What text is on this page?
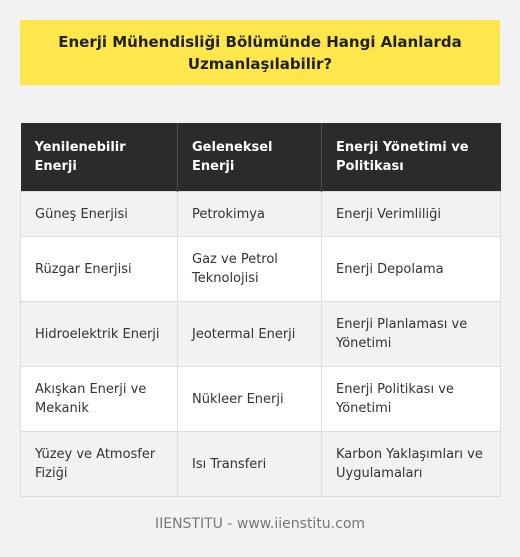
Enerji Mühendisliği Bölümünde Hangi Alanlarda Uzmanlaşılabilir?
Yenilenebilir Enerji	Geleneksel Enerji	Enerji Yönetimi ve Politikası
Güneş Enerjisi	Petrokimya	Enerji Verimliliği
Rüzgar Enerjisi	Gaz ve Petrol Teknolojisi	Enerji Depolama
Hidroelektrik Enerji	Jeotermal Enerji	Enerji Planlaması ve Yönetimi
Akışkan Enerji ve Mekanik	Nükleer Enerji	Enerji Politikası ve Yönetimi
Yüzey ve Atmosfer Fiziği	Isı Transferi	Karbon Yaklaşımları ve Uygulamaları
IIENSTITU - www.iienstitu.com
